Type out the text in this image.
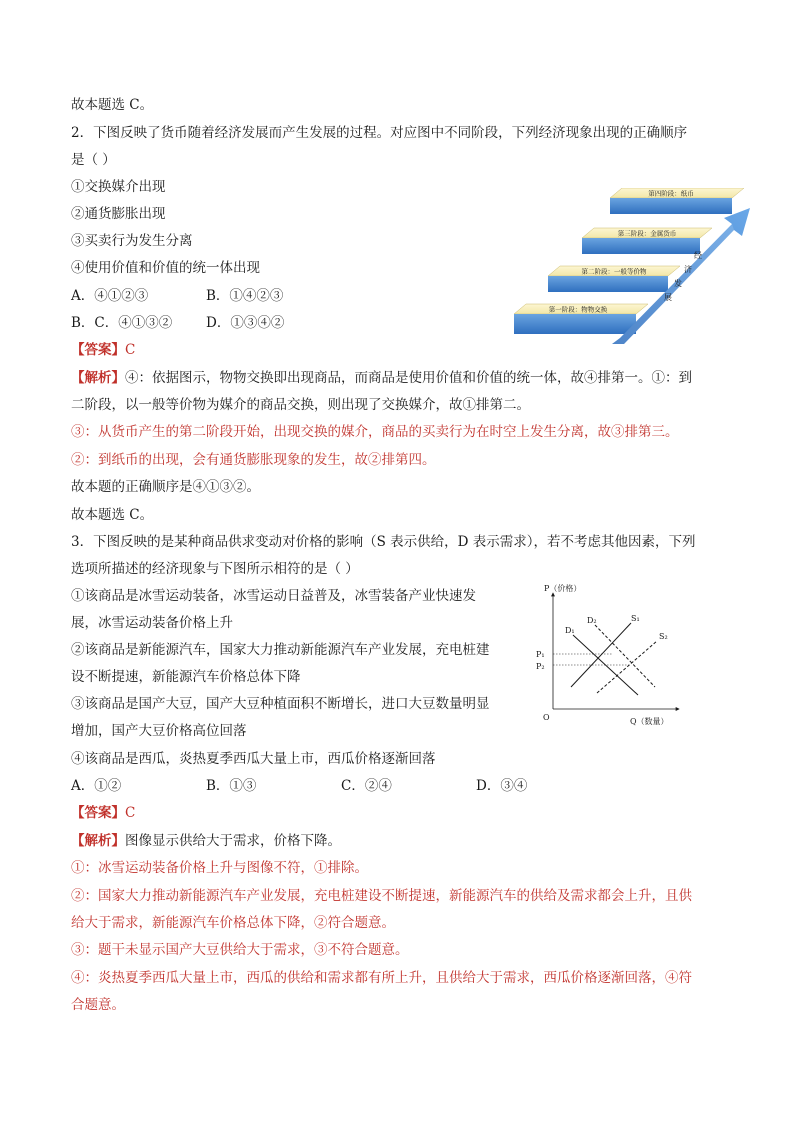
故本题选 C。
2．下图反映了货币随着经济发展而产生发展的过程。对应图中不同阶段，下列经济现象出现的正确顺序
是（ ）
①交换媒介出现
②通货膨胀出现
③买卖行为发生分离
④使用价值和价值的统一体出现
A．④①②③	B．①④②③
B．C．④①③②	D．①③④②
【答案】C
【解析】④：依据图示，物物交换即出现商品，而商品是使用价值和价值的统一体，故④排第一。①：到
二阶段，以一般等价物为媒介的商品交换，则出现了交换媒介，故①排第二。
③：从货币产生的第二阶段开始，出现交换的媒介，商品的买卖行为在时空上发生分离，故③排第三。
②：到纸币的出现，会有通货膨胀现象的发生，故②排第四。
故本题的正确顺序是④①③②。
故本题选 C。
第四阶段：纸币
第三阶段：金属货币
第二阶段：一般等价物
第一阶段：物物交换
经
济
发
展
3．下图反映的是某种商品供求变动对价格的影响（S 表示供给，D 表示需求），若不考虑其他因素，下列
选项所描述的经济现象与下图所示相符的是（ ）
①该商品是冰雪运动装备，冰雪运动日益普及，冰雪装备产业快速发
展，冰雪运动装备价格上升
②该商品是新能源汽车，国家大力推动新能源汽车产业发展，充电桩建
设不断提速，新能源汽车价格总体下降
③该商品是国产大豆，国产大豆种植面积不断增长，进口大豆数量明显
增加，国产大豆价格高位回落
④该商品是西瓜，炎热夏季西瓜大量上市，西瓜价格逐渐回落
A．①②	B．①③	C．②④	D．③④
【答案】C
【解析】图像显示供给大于需求，价格下降。
①：冰雪运动装备价格上升与图像不符，①排除。
②：国家大力推动新能源汽车产业发展，充电桩建设不断提速，新能源汽车的供给及需求都会上升，且供
给大于需求，新能源汽车价格总体下降，②符合题意。
③：题干未显示国产大豆供给大于需求，③不符合题意。
④：炎热夏季西瓜大量上市，西瓜的供给和需求都有所上升，且供给大于需求，西瓜价格逐渐回落，④符
合题意。
P（价格）
Q（数量）
O
P₁
P₂
D₁
D₂	S₁
S₂
